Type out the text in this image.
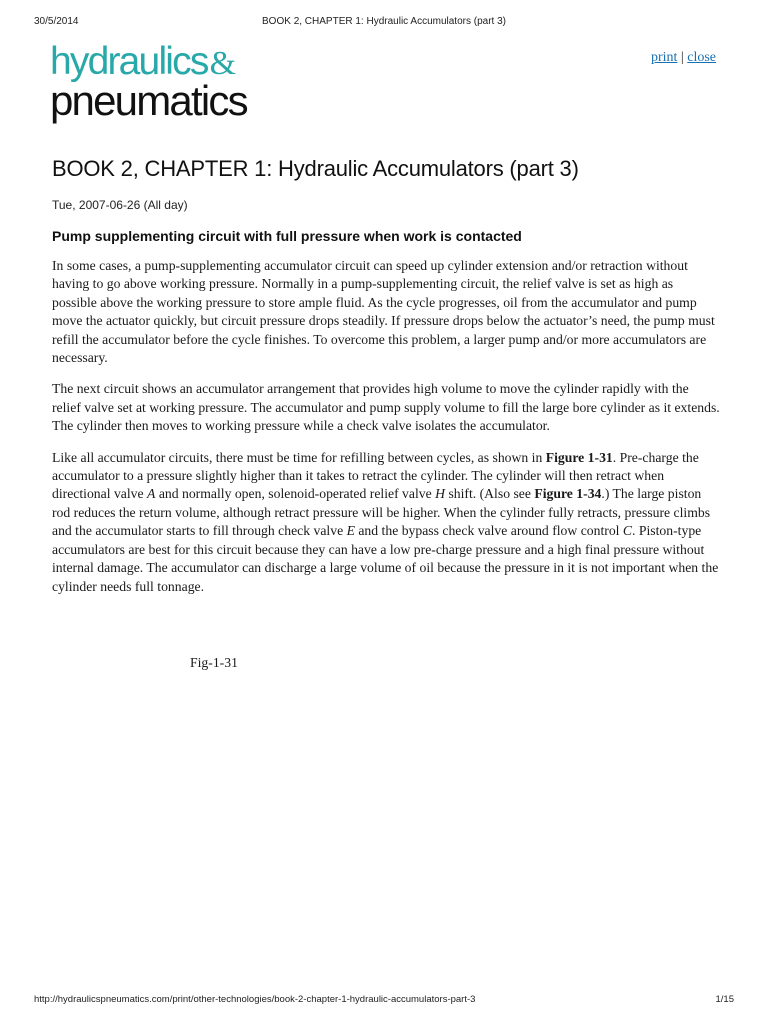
30/5/2014	BOOK 2, CHAPTER 1: Hydraulic Accumulators (part 3)
hydraulics&
pneumatics
print | close
BOOK 2, CHAPTER 1: Hydraulic Accumulators (part 3)
Tue, 2007-06-26 (All day)
Pump supplementing circuit with full pressure when work is contacted

In some cases, a pump-supplementing accumulator circuit can speed up cylinder extension and/or retraction without having to go above working pressure. Normally in a pump-supplementing circuit, the relief valve is set as high as possible above the working pressure to store ample fluid. As the cycle progresses, oil from the accumulator and pump move the actuator quickly, but circuit pressure drops steadily. If pressure drops below the actuator’s need, the pump must refill the accumulator before the cycle finishes. To overcome this problem, a larger pump and/or more accumulators are necessary.

The next circuit shows an accumulator arrangement that provides high volume to move the cylinder rapidly with the relief valve set at working pressure. The accumulator and pump supply volume to fill the large bore cylinder as it extends. The cylinder then moves to working pressure while a check valve isolates the accumulator.

Like all accumulator circuits, there must be time for refilling between cycles, as shown in Figure 1-31. Pre-charge the accumulator to a pressure slightly higher than it takes to retract the cylinder. The cylinder will then retract when directional valve A and normally open, solenoid-operated relief valve H shift. (Also see Figure 1-34.) The large piston rod reduces the return volume, although retract pressure will be higher. When the cylinder fully retracts, pressure climbs and the accumulator starts to fill through check valve E and the bypass check valve around flow control C. Piston-type accumulators are best for this circuit because they can have a low pre-charge pressure and a high final pressure without internal damage. The accumulator can discharge a large volume of oil because the pressure in it is not important when the cylinder needs full tonnage.

Fig-1-31
http://hydraulicspneumatics.com/print/other-technologies/book-2-chapter-1-hydraulic-accumulators-part-3	1/15
